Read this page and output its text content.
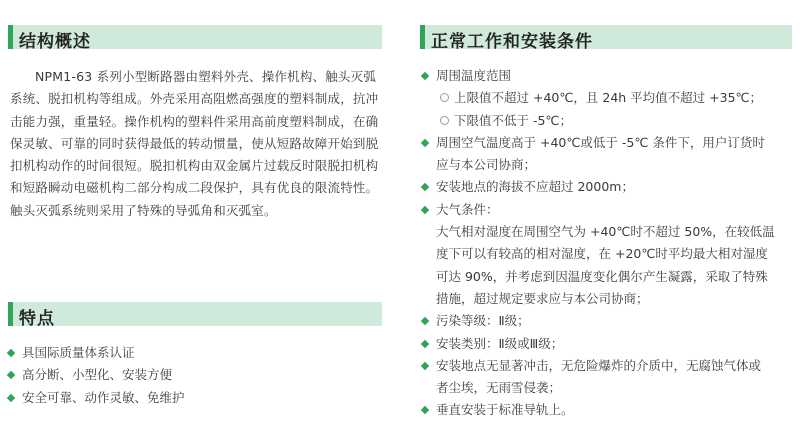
结构概述

NPM1-63 系列小型断路器由塑料外壳、操作机构、触头灭弧系统、脱扣机构等组成。外壳采用高阻燃高强度的塑料制成，抗冲击能力强，重量轻。操作机构的塑料件采用高前度塑料制成，在确保灵敏、可靠的同时获得最低的转动惯量，使从短路故障开始到脱扣机构动作的时间很短。脱扣机构由双金属片过载反时限脱扣机构和短路瞬动电磁机构二部分构成二段保护，具有优良的限流特性。触头灭弧系统则采用了特殊的导弧角和灭弧室。

特点
具国际质量体系认证
高分断、小型化、安装方便
安全可靠、动作灵敏、免维护
正常工作和安装条件
周围温度范围
上限值不超过 +40℃，且 24h 平均值不超过 +35℃；
下限值不低于 -5℃；
周围空气温度高于 +40℃或低于 -5℃ 条件下，用户订货时
应与本公司协商；
安装地点的海拔不应超过 2000m；
大气条件：
大气相对湿度在周围空气为 +40℃时不超过 50%，在较低温
度下可以有较高的相对湿度，在 +20℃时平均最大相对湿度
可达 90%，并考虑到因温度变化偶尔产生凝露，采取了特殊
措施，超过规定要求应与本公司协商；
污染等级：Ⅱ级；
安装类别：Ⅱ级或Ⅲ级；
安装地点无显著冲击，无危险爆炸的介质中，无腐蚀气体或
者尘埃，无雨雪侵袭；
垂直安装于标准导轨上。
